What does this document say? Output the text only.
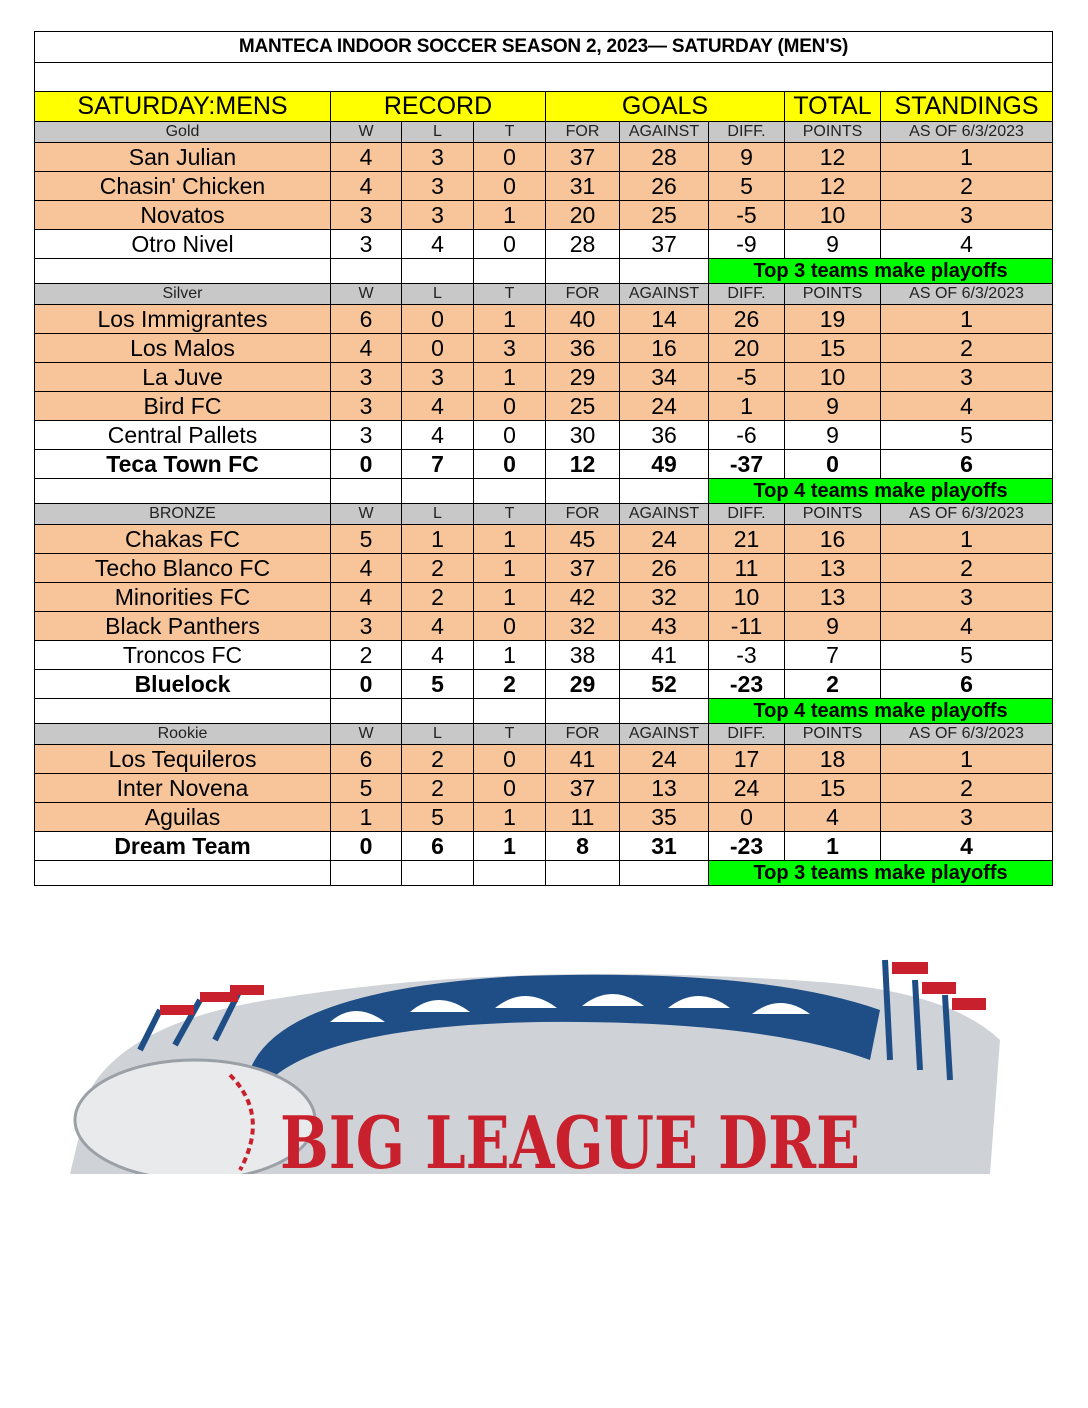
MANTECA INDOOR SOCCER SEASON 2, 2023— SATURDAY (MEN'S)								

SATURDAY:MENS	RECORD			GOALS			TOTAL	STANDINGS
Gold	W	L	T	FOR	AGAINST	DIFF.	POINTS	AS OF 6/3/2023
San Julian	4	3	0	37	28	9	12	1
Chasin' Chicken	4	3	0	31	26	5	12	2
Novatos	3	3	1	20	25	-5	10	3
Otro Nivel	3	4	0	28	37	-9	9	4
						Top 3 teams make playoffs		
Silver	W	L	T	FOR	AGAINST	DIFF.	POINTS	AS OF 6/3/2023
Los Immigrantes	6	0	1	40	14	26	19	1
Los Malos	4	0	3	36	16	20	15	2
La Juve	3	3	1	29	34	-5	10	3
Bird FC	3	4	0	25	24	1	9	4
Central Pallets	3	4	0	30	36	-6	9	5
Teca Town FC	0	7	0	12	49	-37	0	6
						Top 4 teams make playoffs		
BRONZE	W	L	T	FOR	AGAINST	DIFF.	POINTS	AS OF 6/3/2023
Chakas FC	5	1	1	45	24	21	16	1
Techo Blanco FC	4	2	1	37	26	11	13	2
Minorities FC	4	2	1	42	32	10	13	3
Black Panthers	3	4	0	32	43	-11	9	4
Troncos FC	2	4	1	38	41	-3	7	5
Bluelock	0	5	2	29	52	-23	2	6
						Top 4 teams make playoffs		
Rookie	W	L	T	FOR	AGAINST	DIFF.	POINTS	AS OF 6/3/2023
Los Tequileros	6	2	0	41	24	17	18	1
Inter Novena	5	2	0	37	13	24	15	2
Aguilas	1	5	1	11	35	0	4	3
Dream Team	0	6	1	8	31	-23	1	4
						Top 3 teams make playoffs		
BIG LEAGUE DRE
